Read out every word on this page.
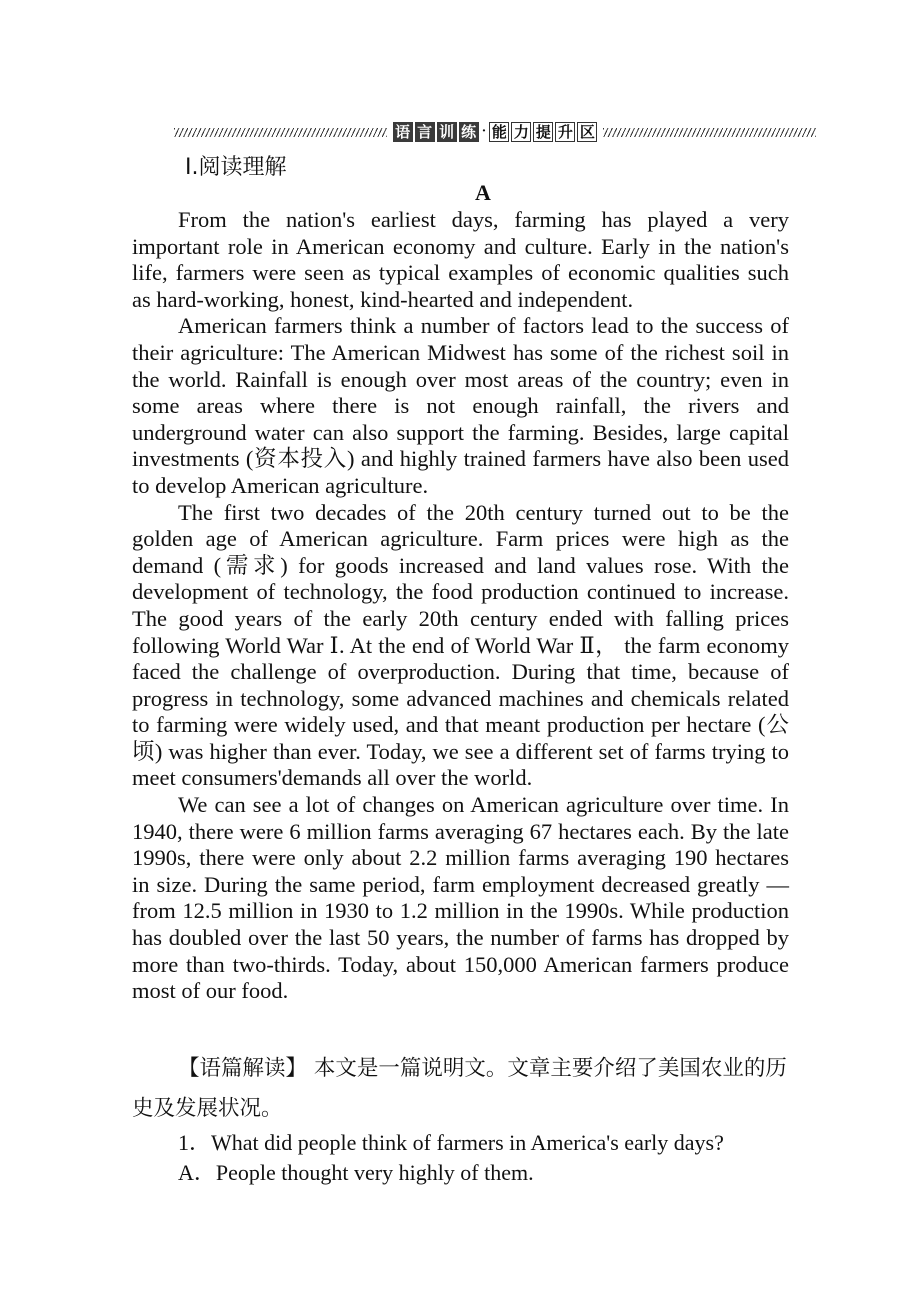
语 言 训 练 · 能 力 提 升 区
Ⅰ.阅读理解
A

From the nation's earliest days, farming has played a very important role in American economy and culture. Early in the nation's life, farmers were seen as typical examples of economic qualities such as hard-working, honest, kind-hearted and independent.

American farmers think a number of factors lead to the success of their agriculture: The American Midwest has some of the richest soil in the world. Rainfall is enough over most areas of the country; even in some areas where there is not enough rainfall, the rivers and underground water can also support the farming. Besides, large capital investments (资本投入) and highly trained farmers have also been used to develop American agriculture.

The first two decades of the 20th century turned out to be the golden age of American agriculture. Farm prices were high as the demand (需求) for goods increased and land values rose. With the development of technology, the food production continued to increase. The good years of the early 20th century ended with falling prices following World War Ⅰ. At the end of World War Ⅱ， the farm economy faced the challenge of overproduction. During that time, because of progress in technology, some advanced machines and chemicals related to farming were widely used, and that meant production per hectare (公顷) was higher than ever. Today, we see a different set of farms trying to meet consumers'demands all over the world.

We can see a lot of changes on American agriculture over time. In 1940, there were 6 million farms averaging 67 hectares each. By the late 1990s, there were only about 2.2 million farms averaging 190 hectares in size. During the same period, farm employment decreased greatly — from 12.5 million in 1930 to 1.2 million in the 1990s. While production has doubled over the last 50 years, the number of farms has dropped by more than two-thirds. Today, about 150,000 American farmers produce most of our food.

【语篇解读】 本文是一篇说明文。文章主要介绍了美国农业的历史及发展状况。
1．What did people think of farmers in America's early days?
A．People thought very highly of them.
